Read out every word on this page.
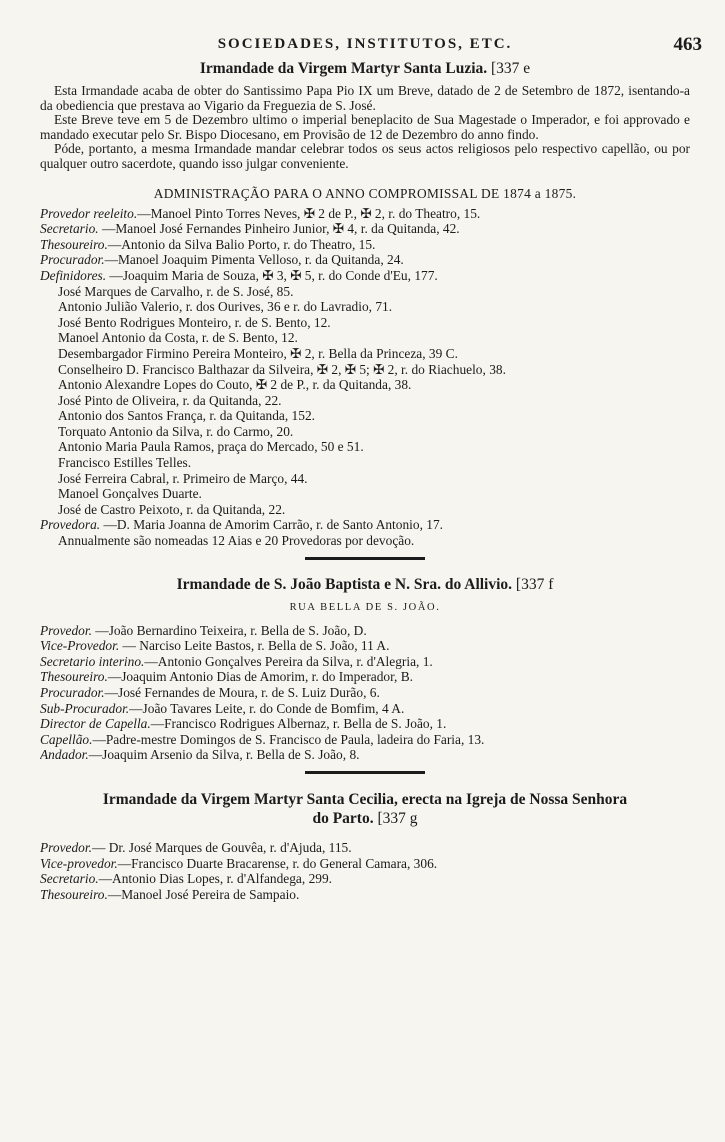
SOCIEDADES, INSTITUTOS, ETC.	463
Irmandade da Virgem Martyr Santa Luzia. [337 e

Esta Irmandade acaba de obter do Santissimo Papa Pio IX um Breve, datado de 2 de Setembro de 1872, isentando-a da obediencia que prestava ao Vigario da Freguezia de S. José.

Este Breve teve em 5 de Dezembro ultimo o imperial beneplacito de Sua Magestade o Imperador, e foi approvado e mandado executar pelo Sr. Bispo Diocesano, em Provisão de 12 de Dezembro do anno findo.

Póde, portanto, a mesma Irmandade mandar celebrar todos os seus actos religiosos pelo respectivo capellão, ou por qualquer outro sacerdote, quando isso julgar conveniente.

ADMINISTRAÇÃO PARA O ANNO COMPROMISSAL DE 1874 a 1875.
Provedor reeleito.—Manoel Pinto Torres Neves, ✠ 2 de P., ✠ 2, r. do Theatro, 15.
Secretario. —Manoel José Fernandes Pinheiro Junior, ✠ 4, r. da Quitanda, 42.
Thesoureiro.—Antonio da Silva Balio Porto, r. do Theatro, 15.
Procurador.—Manoel Joaquim Pimenta Velloso, r. da Quitanda, 24.
Definidores. —Joaquim Maria de Souza, ✠ 3, ✠ 5, r. do Conde d'Eu, 177.
José Marques de Carvalho, r. de S. José, 85.
Antonio Julião Valerio, r. dos Ourives, 36 e r. do Lavradio, 71.
José Bento Rodrigues Monteiro, r. de S. Bento, 12.
Manoel Antonio da Costa, r. de S. Bento, 12.
Desembargador Firmino Pereira Monteiro, ✠ 2, r. Bella da Princeza, 39 C.
Conselheiro D. Francisco Balthazar da Silveira, ✠ 2, ✠ 5; ✠ 2, r. do Riachuelo, 38.
Antonio Alexandre Lopes do Couto, ✠ 2 de P., r. da Quitanda, 38.
José Pinto de Oliveira, r. da Quitanda, 22.
Antonio dos Santos França, r. da Quitanda, 152.
Torquato Antonio da Silva, r. do Carmo, 20.
Antonio Maria Paula Ramos, praça do Mercado, 50 e 51.
Francisco Estilles Telles.
José Ferreira Cabral, r. Primeiro de Março, 44.
Manoel Gonçalves Duarte.
José de Castro Peixoto, r. da Quitanda, 22.
Provedora. —D. Maria Joanna de Amorim Carrão, r. de Santo Antonio, 17.
Annualmente são nomeadas 12 Aias e 20 Provedoras por devoção.
Irmandade de S. João Baptista e N. Sra. do Allivio. [337 f
RUA BELLA DE S. JOÃO.
Provedor. —João Bernardino Teixeira, r. Bella de S. João, D.
Vice-Provedor. — Narciso Leite Bastos, r. Bella de S. João, 11 A.
Secretario interino.—Antonio Gonçalves Pereira da Silva, r. d'Alegria, 1.
Thesoureiro.—Joaquim Antonio Dias de Amorim, r. do Imperador, B.
Procurador.—José Fernandes de Moura, r. de S. Luiz Durão, 6.
Sub-Procurador.—João Tavares Leite, r. do Conde de Bomfim, 4 A.
Director de Capella.—Francisco Rodrigues Albernaz, r. Bella de S. João, 1.
Capellão.—Padre-mestre Domingos de S. Francisco de Paula, ladeira do Faria, 13.
Andador.—Joaquim Arsenio da Silva, r. Bella de S. João, 8.
Irmandade da Virgem Martyr Santa Cecilia, erecta na Igreja de Nossa Senhora
do Parto. [337 g
Provedor.— Dr. José Marques de Gouvêa, r. d'Ajuda, 115.
Vice-provedor.—Francisco Duarte Bracarense, r. do General Camara, 306.
Secretario.—Antonio Dias Lopes, r. d'Alfandega, 299.
Thesoureiro.—Manoel José Pereira de Sampaio.
